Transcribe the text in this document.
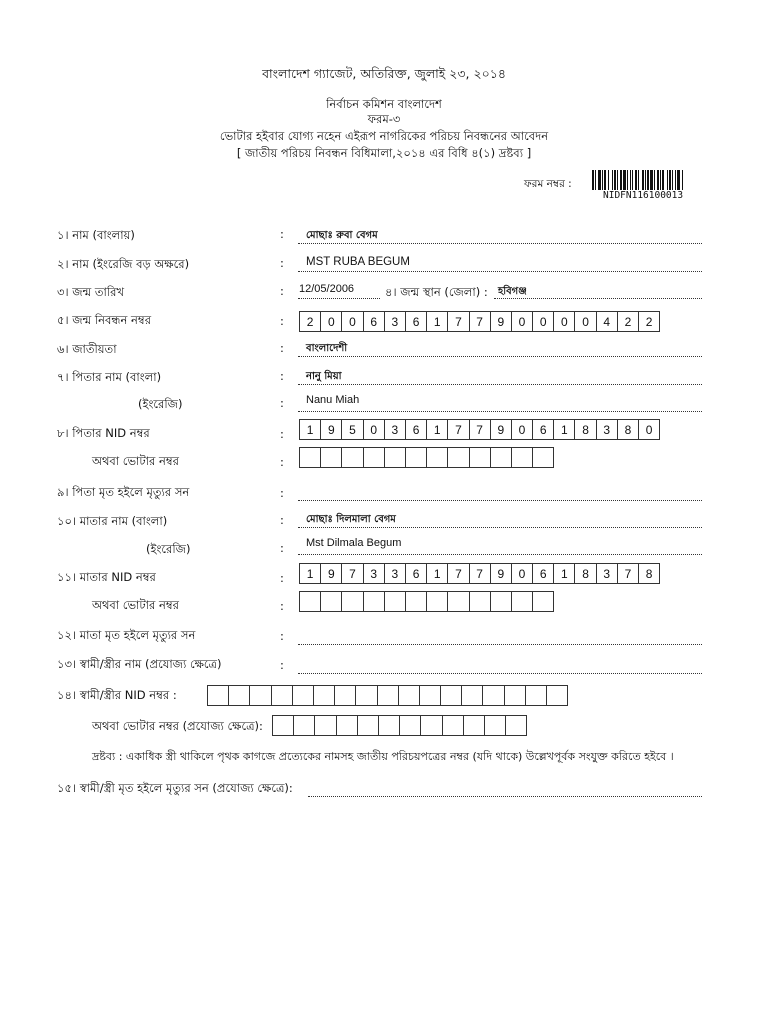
বাংলাদেশ গ্যাজেট, অতিরিক্ত, জুলাই ২৩, ২০১৪
নির্বাচন কমিশন বাংলাদেশ
ফরম-৩
ভোটার হইবার যোগ্য নহেন এইরূপ নাগরিকের পরিচয় নিবন্ধনের আবেদন
[ জাতীয় পরিচয় নিবন্ধন বিধিমালা,২০১৪ এর বিধি ৪(১) দ্রষ্টব্য ]
ফরম নম্বর :
NIDFN116100013
১। নাম (বাংলায়)	: মোছাঃ রুবা বেগম
২। নাম (ইংরেজি বড় অক্ষরে)	: MST RUBA BEGUM
৩। জন্ম তারিখ	: 12/05/2006	৪। জন্ম স্থান (জেলা) : হবিগঞ্জ
৫। জন্ম নিবন্ধন নম্বর	:	2	0	0	6	3	6	1	7	7	9	0	0	0	0	4	2	2
৬। জাতীয়তা	: বাংলাদেশী
৭। পিতার নাম (বাংলা)	: নানু মিয়া
(ইংরেজি)	: Nanu Miah
৮। পিতার NID নম্বর	:	1	9	5	0	3	6	1	7	7	9	0	6	1	8	3	8	0
অথবা ভোটার নম্বর	:
৯। পিতা মৃত হইলে মৃত্যুর সন	:
১০। মাতার নাম (বাংলা)	: মোছাঃ দিলমালা বেগম
(ইংরেজি)	: Mst Dilmala Begum
১১। মাতার NID নম্বর	:	1	9	7	3	3	6	1	7	7	9	0	6	1	8	3	7	8
অথবা ভোটার নম্বর	:
১২। মাতা মৃত হইলে মৃত্যুর সন	:
১৩। স্বামী/স্ত্রীর নাম (প্রযোজ্য ক্ষেত্রে)	:
১৪। স্বামী/স্ত্রীর NID নম্বর :
অথবা ভোটার নম্বর (প্রযোজ্য ক্ষেত্রে):
দ্রষ্টব্য : একাধিক স্ত্রী থাকিলে পৃথক কাগজে প্রত্যেকের নামসহ জাতীয় পরিচয়পত্রের নম্বর (যদি থাকে) উল্লেখপূর্বক সংযুক্ত করিতে হইবে ।
১৫। স্বামী/স্ত্রী মৃত হইলে মৃত্যুর সন (প্রযোজ্য ক্ষেত্রে):
